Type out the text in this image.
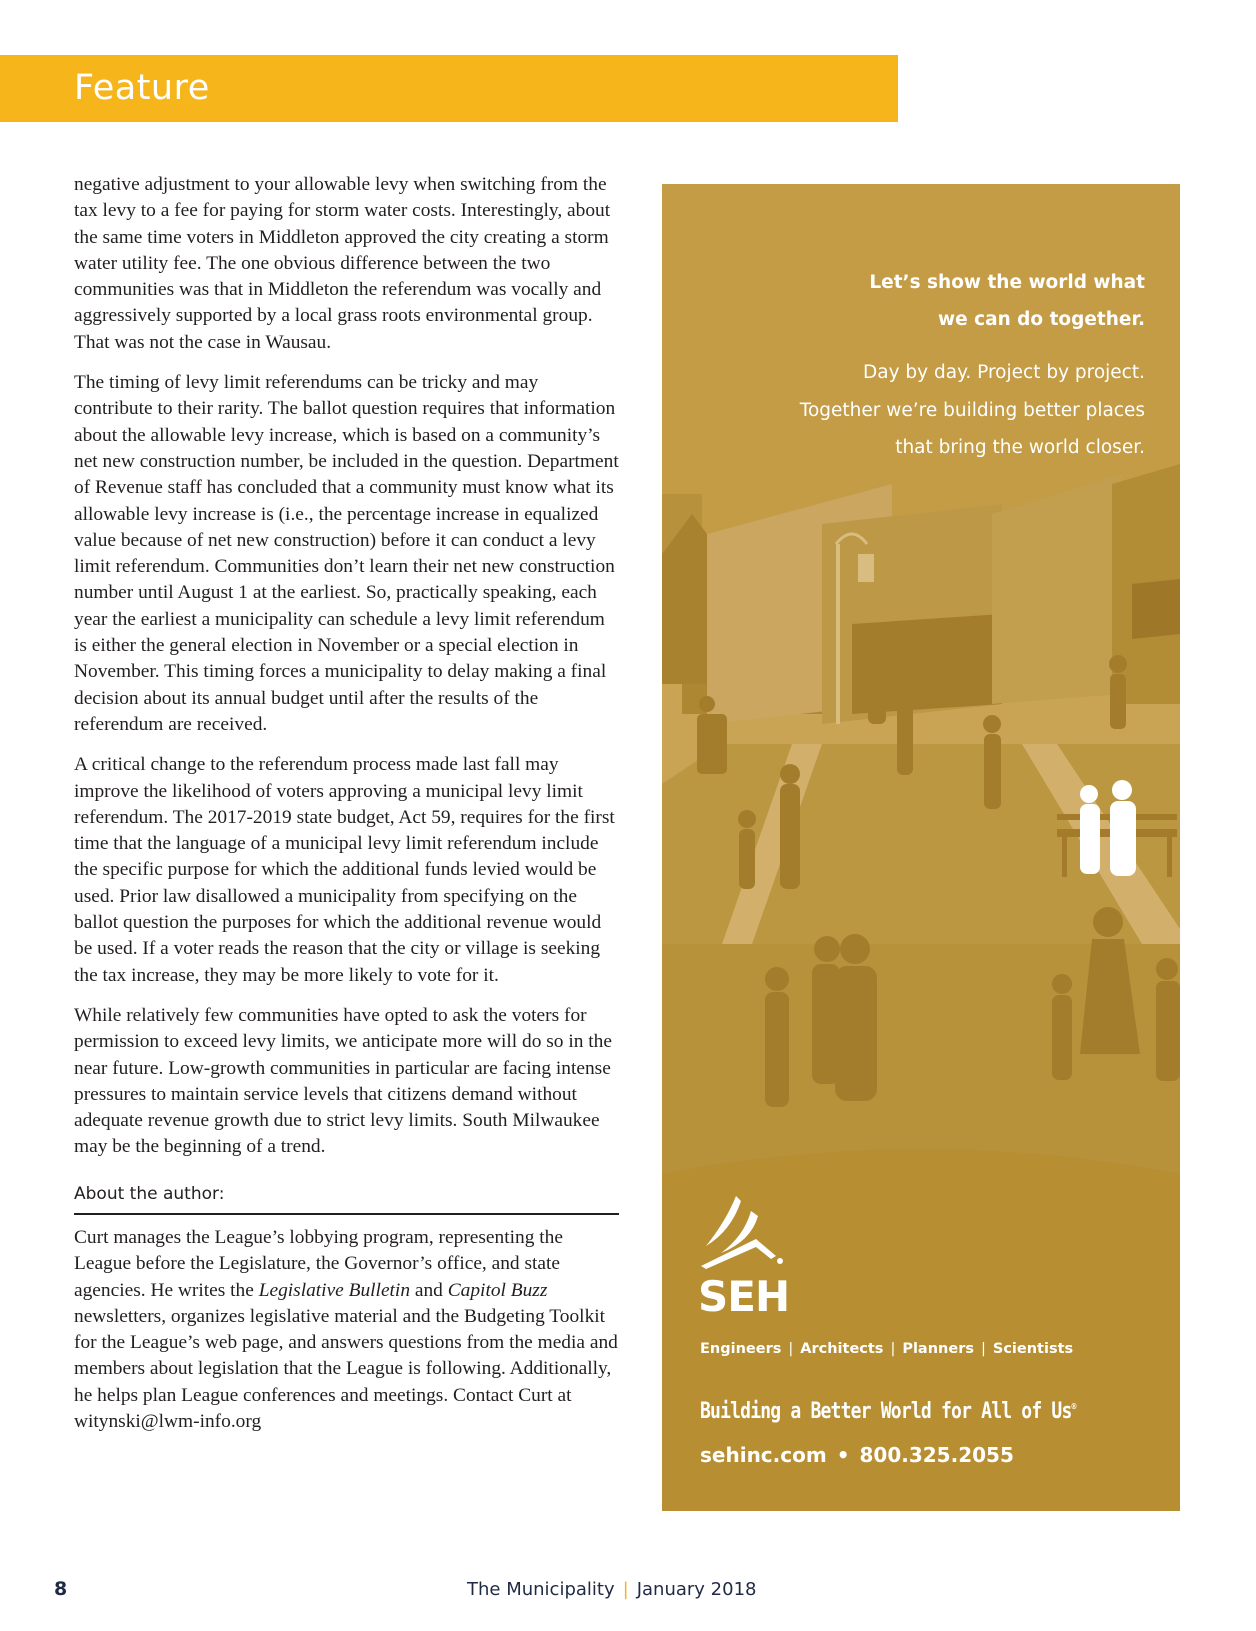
Feature

negative adjustment to your allowable levy when switching from the tax levy to a fee for paying for storm water costs. Interestingly, about the same time voters in Middleton approved the city creating a storm water utility fee. The one obvious difference between the two communities was that in Middleton the referendum was vocally and aggressively supported by a local grass roots environmental group. That was not the case in Wausau.

The timing of levy limit referendums can be tricky and may contribute to their rarity. The ballot question requires that information about the allowable levy increase, which is based on a community’s net new construction number, be included in the question. Department of Revenue staff has concluded that a community must know what its allowable levy increase is (i.e., the percentage increase in equalized value because of net new construction) before it can conduct a levy limit referendum. Communities don’t learn their net new construction number until August 1 at the earliest. So, practically speaking, each year the earliest a municipality can schedule a levy limit referendum is either the general election in November or a special election in November. This timing forces a municipality to delay making a final decision about its annual budget until after the results of the referendum are received.

A critical change to the referendum process made last fall may improve the likelihood of voters approving a municipal levy limit referendum. The 2017-2019 state budget, Act 59, requires for the first time that the language of a municipal levy limit referendum include the specific purpose for which the additional funds levied would be used. Prior law disallowed a municipality from specifying on the ballot question the purposes for which the additional revenue would be used. If a voter reads the reason that the city or village is seeking the tax increase, they may be more likely to vote for it.

While relatively few communities have opted to ask the voters for permission to exceed levy limits, we anticipate more will do so in the near future. Low-growth communities in particular are facing intense pressures to maintain service levels that citizens demand without adequate revenue growth due to strict levy limits. South Milwaukee may be the beginning of a trend.

About the author:
Curt manages the League’s lobbying program, representing the League before the Legislature, the Governor’s office, and state agencies. He writes the Legislative Bulletin and Capitol Buzz newsletters, organizes legislative material and the Budgeting Toolkit for the League’s web page, and answers questions from the media and members about legislation that the League is following. Additionally, he helps plan League conferences and meetings. Contact Curt at witynski@lwm-info.org
Let’s show the world what
we can do together.
Day by day. Project by project.
Together we’re building better places
that bring the world closer.
SEH
Engineers | Architects | Planners | Scientists
Building a Better World for All of Us®
sehinc.com • 800.325.2055
8	The Municipality | January 2018
